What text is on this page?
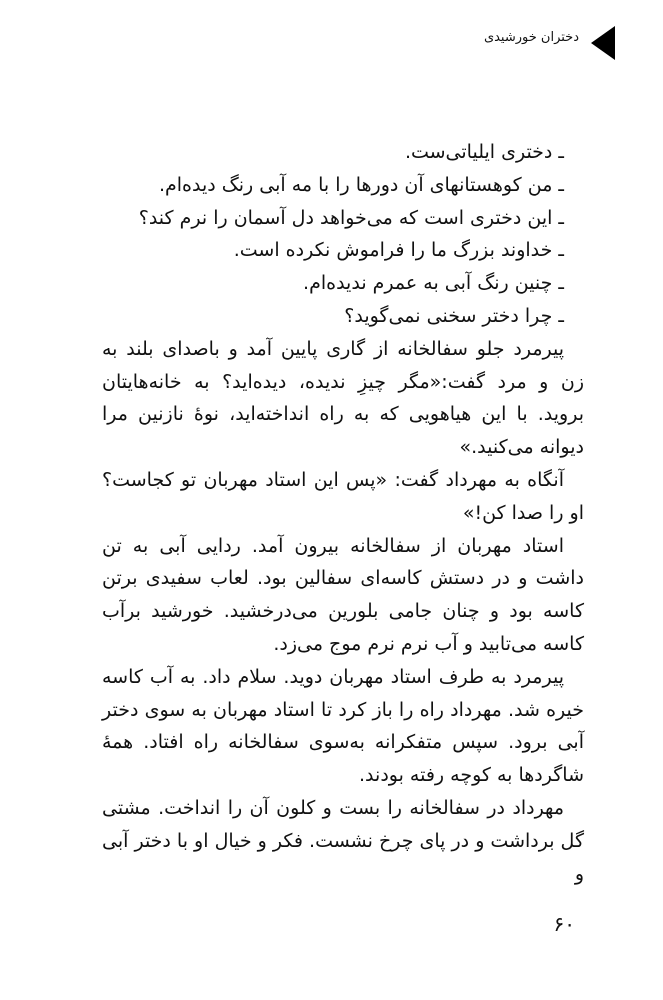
دختران خورشیدی

ـ دختری ایلیاتی‌ست.

ـ من کوهستانهای آن دورها را با مه آبی رنگ دیده‌ام.

ـ این دختری است که می‌خواهد دل آسمان را نرم کند؟

ـ خداوند بزرگ ما را فراموش نکرده است.

ـ چنین رنگ آبی به عمرم ندیده‌ام.

ـ چرا دختر سخنی نمی‌گوید؟

پیرمرد جلو سفالخانه از گاری پایین آمد و باصدای بلند به زن و مرد گفت:«مگر چیزِ ندیده، دیده‌اید؟ به خانه‌هایتان بروید. با این هیاهویی که به راه انداخته‌اید، نوهٔ نازنین مرا دیوانه می‌کنید.»

آنگاه به مهرداد گفت: «پس این استاد مهربان تو کجاست؟ او را صدا کن!»

استاد مهربان از سفالخانه بیرون آمد. ردایی آبی به تن داشت و در دستش کاسه‌ای سفالین بود. لعاب سفیدی برتن کاسه بود و چنان جامی بلورین می‌درخشید. خورشید برآب کاسه می‌تابید و آب نرم نرم موج می‌زد.

پیرمرد به طرف استاد مهربان دوید. سلام داد. به آب کاسه خیره شد. مهرداد راه را باز کرد تا استاد مهربان به سوی دختر آبی برود. سپس متفکرانه به‌سوی سفالخانه راه افتاد. همهٔ شاگردها به کوچه رفته بودند.

مهرداد در سفالخانه را بست و کلون آن را انداخت. مشتی گل برداشت و در پای چرخ نشست. فکر و خیال او با دختر آبی و

۶۰
